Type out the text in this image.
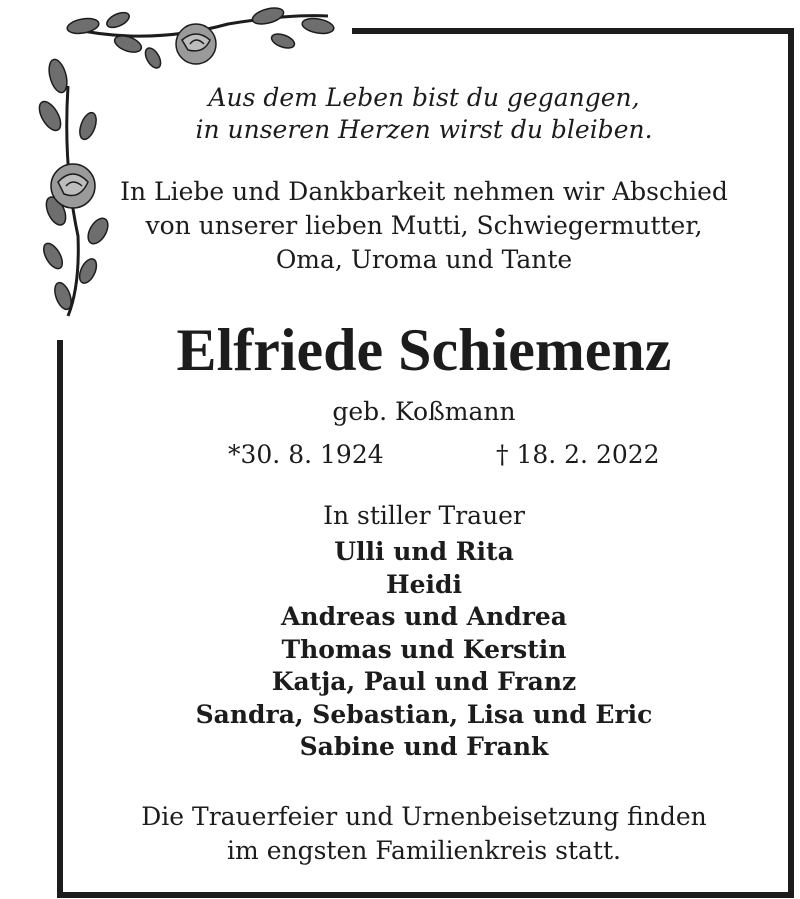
Aus dem Leben bist du gegangen,
in unseren Herzen wirst du bleiben.
In Liebe und Dankbarkeit nehmen wir Abschied
von unserer lieben Mutti, Schwiegermutter,
Oma, Uroma und Tante
Elfriede Schiemenz
geb. Koßmann
*30. 8. 1924	† 18. 2. 2022
In stiller Trauer
Ulli und Rita
Heidi
Andreas und Andrea
Thomas und Kerstin
Katja, Paul und Franz
Sandra, Sebastian, Lisa und Eric
Sabine und Frank
Die Trauerfeier und Urnenbeisetzung finden
im engsten Familienkreis statt.
